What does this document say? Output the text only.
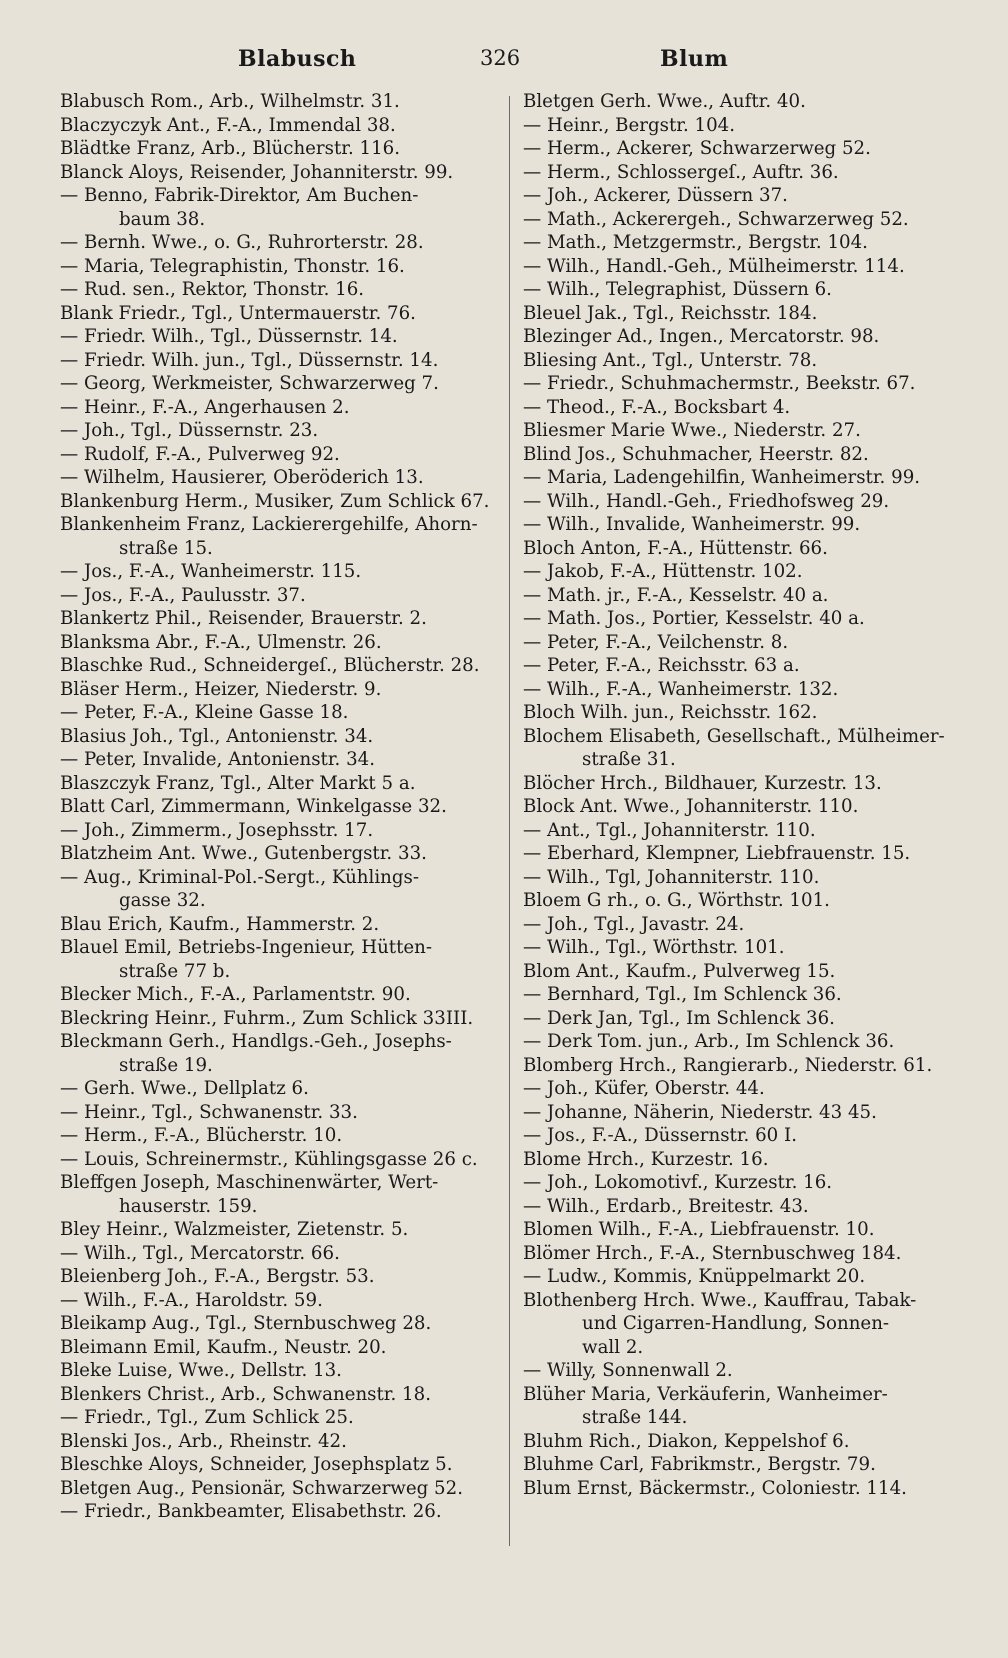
Blabusch	326	Blum
Blabusch Rom., Arb., Wilhelmstr. 31.
Blaczyczyk Ant., F.-A., Immendal 38.
Blädtke Franz, Arb., Blücherstr. 116.
Blanck Aloys, Reisender, Johanniterstr. 99.
— Benno, Fabrik-Direktor, Am Buchen-
baum 38.
— Bernh. Wwe., o. G., Ruhrorterstr. 28.
— Maria, Telegraphistin, Thonstr. 16.
— Rud. sen., Rektor, Thonstr. 16.
Blank Friedr., Tgl., Untermauerstr. 76.
— Friedr. Wilh., Tgl., Düssernstr. 14.
— Friedr. Wilh. jun., Tgl., Düssernstr. 14.
— Georg, Werkmeister, Schwarzerweg 7.
— Heinr., F.-A., Angerhausen 2.
— Joh., Tgl., Düssernstr. 23.
— Rudolf, F.-A., Pulverweg 92.
— Wilhelm, Hausierer, Oberöderich 13.
Blankenburg Herm., Musiker, Zum Schlick 67.
Blankenheim Franz, Lackierergehilfe, Ahorn-
straße 15.
— Jos., F.-A., Wanheimerstr. 115.
— Jos., F.-A., Paulusstr. 37.
Blankertz Phil., Reisender, Brauerstr. 2.
Blanksma Abr., F.-A., Ulmenstr. 26.
Blaschke Rud., Schneidergeſ., Blücherstr. 28.
Bläser Herm., Heizer, Niederstr. 9.
— Peter, F.-A., Kleine Gasse 18.
Blasius Joh., Tgl., Antonienstr. 34.
— Peter, Invalide, Antonienstr. 34.
Blaszczyk Franz, Tgl., Alter Markt 5 a.
Blatt Carl, Zimmermann, Winkelgasse 32.
— Joh., Zimmerm., Josephsstr. 17.
Blatzheim Ant. Wwe., Gutenbergstr. 33.
— Aug., Kriminal-Pol.-Sergt., Kühlings-
gasse 32.
Blau Erich, Kaufm., Hammerstr. 2.
Blauel Emil, Betriebs-Ingenieur, Hütten-
straße 77 b.
Blecker Mich., F.-A., Parlamentstr. 90.
Bleckring Heinr., Fuhrm., Zum Schlick 33III.
Bleckmann Gerh., Handlgs.-Geh., Josephs-
straße 19.
— Gerh. Wwe., Dellplatz 6.
— Heinr., Tgl., Schwanenstr. 33.
— Herm., F.-A., Blücherstr. 10.
— Louis, Schreinermstr., Kühlingsgasse 26 c.
Bleffgen Joseph, Maschinenwärter, Wert-
hauserstr. 159.
Bley Heinr., Walzmeister, Zietenstr. 5.
— Wilh., Tgl., Mercatorstr. 66.
Bleienberg Joh., F.-A., Bergstr. 53.
— Wilh., F.-A., Haroldstr. 59.
Bleikamp Aug., Tgl., Sternbuschweg 28.
Bleimann Emil, Kaufm., Neustr. 20.
Bleke Luise, Wwe., Dellstr. 13.
Blenkers Christ., Arb., Schwanenstr. 18.
— Friedr., Tgl., Zum Schlick 25.
Blenski Jos., Arb., Rheinstr. 42.
Bleschke Aloys, Schneider, Josephsplatz 5.
Bletgen Aug., Pensionär, Schwarzerweg 52.
— Friedr., Bankbeamter, Elisabethstr. 26.
Bletgen Gerh. Wwe., Auftr. 40.
— Heinr., Bergstr. 104.
— Herm., Ackerer, Schwarzerweg 52.
— Herm., Schlossergeſ., Auftr. 36.
— Joh., Ackerer, Düssern 37.
— Math., Ackerergeh., Schwarzerweg 52.
— Math., Metzgermstr., Bergstr. 104.
— Wilh., Handl.-Geh., Mülheimerstr. 114.
— Wilh., Telegraphist, Düssern 6.
Bleuel Jak., Tgl., Reichsstr. 184.
Blezinger Ad., Ingen., Mercatorstr. 98.
Bliesing Ant., Tgl., Unterstr. 78.
— Friedr., Schuhmachermstr., Beekstr. 67.
— Theod., F.-A., Bocksbart 4.
Bliesmer Marie Wwe., Niederstr. 27.
Blind Jos., Schuhmacher, Heerstr. 82.
— Maria, Ladengehilfin, Wanheimerstr. 99.
— Wilh., Handl.-Geh., Friedhofsweg 29.
— Wilh., Invalide, Wanheimerstr. 99.
Bloch Anton, F.-A., Hüttenstr. 66.
— Jakob, F.-A., Hüttenstr. 102.
— Math. jr., F.-A., Kesselstr. 40 a.
— Math. Jos., Portier, Kesselstr. 40 a.
— Peter, F.-A., Veilchenstr. 8.
— Peter, F.-A., Reichsstr. 63 a.
— Wilh., F.-A., Wanheimerstr. 132.
Bloch Wilh. jun., Reichsstr. 162.
Blochem Elisabeth, Gesellschaft., Mülheimer-
straße 31.
Blöcher Hrch., Bildhauer, Kurzestr. 13.
Block Ant. Wwe., Johanniterstr. 110.
— Ant., Tgl., Johanniterstr. 110.
— Eberhard, Klempner, Liebfrauenstr. 15.
— Wilh., Tgl, Johanniterstr. 110.
Bloem G rh., o. G., Wörthstr. 101.
— Joh., Tgl., Javastr. 24.
— Wilh., Tgl., Wörthstr. 101.
Blom Ant., Kaufm., Pulverweg 15.
— Bernhard, Tgl., Im Schlenck 36.
— Derk Jan, Tgl., Im Schlenck 36.
— Derk Tom. jun., Arb., Im Schlenck 36.
Blomberg Hrch., Rangierarb., Niederstr. 61.
— Joh., Küfer, Oberstr. 44.
— Johanne, Näherin, Niederstr. 43 45.
— Jos., F.-A., Düssernstr. 60 I.
Blome Hrch., Kurzestr. 16.
— Joh., Lokomotivf., Kurzestr. 16.
— Wilh., Erdarb., Breitestr. 43.
Blomen Wilh., F.-A., Liebfrauenstr. 10.
Blömer Hrch., F.-A., Sternbuschweg 184.
— Ludw., Kommis, Knüppelmarkt 20.
Blothenberg Hrch. Wwe., Kauffrau, Tabak-
und Cigarren-Handlung, Sonnen-
wall 2.
— Willy, Sonnenwall 2.
Blüher Maria, Verkäuferin, Wanheimer-
straße 144.
Bluhm Rich., Diakon, Keppelshof 6.
Bluhme Carl, Fabrikmstr., Bergstr. 79.
Blum Ernst, Bäckermstr., Coloniestr. 114.
